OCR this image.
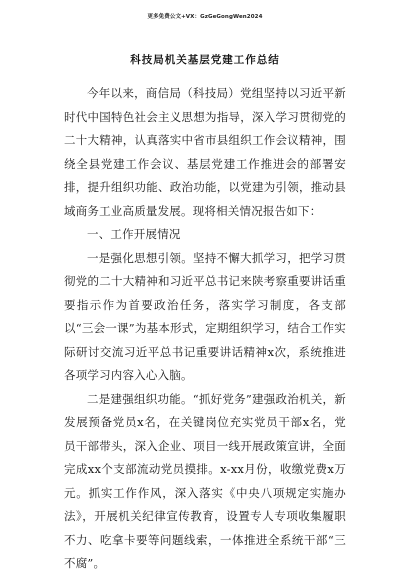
更多免费公文+VX：GzGeGongWen2024
科技局机关基层党建工作总结

今年以来，商信局（科技局）党组坚持以习近平新时代中国特色社会主义思想为指导，深入学习贯彻党的二十大精神，认真落实中省市县组织工作会议精神，围绕全县党建工作会议、基层党建工作推进会的部署安排，提升组织功能、政治功能，以党建为引领，推动县域商务工业高质量发展。现将相关情况报告如下：

一、工作开展情况

一是强化思想引领。坚持不懈大抓学习，把学习贯彻党的二十大精神和习近平总书记来陕考察重要讲话重要指示作为首要政治任务，落实学习制度，各支部以“三会一课”为基本形式，定期组织学习，结合工作实际研讨交流习近平总书记重要讲话精神x次，系统推进各项学习内容入心入脑。

二是建强组织功能。“抓好党务”建强政治机关，新发展预备党员x名，在关键岗位充实党员干部x名，党员干部带头，深入企业、项目一线开展政策宣讲，全面完成xx个支部流动党员摸排。x-xx月份，收缴党费x万元。抓实工作作风，深入落实《中央八项规定实施办法》，开展机关纪律宣传教育，设置专人专项收集履职不力、吃拿卡要等问题线索，一体推进全系统干部“三不腐”。
